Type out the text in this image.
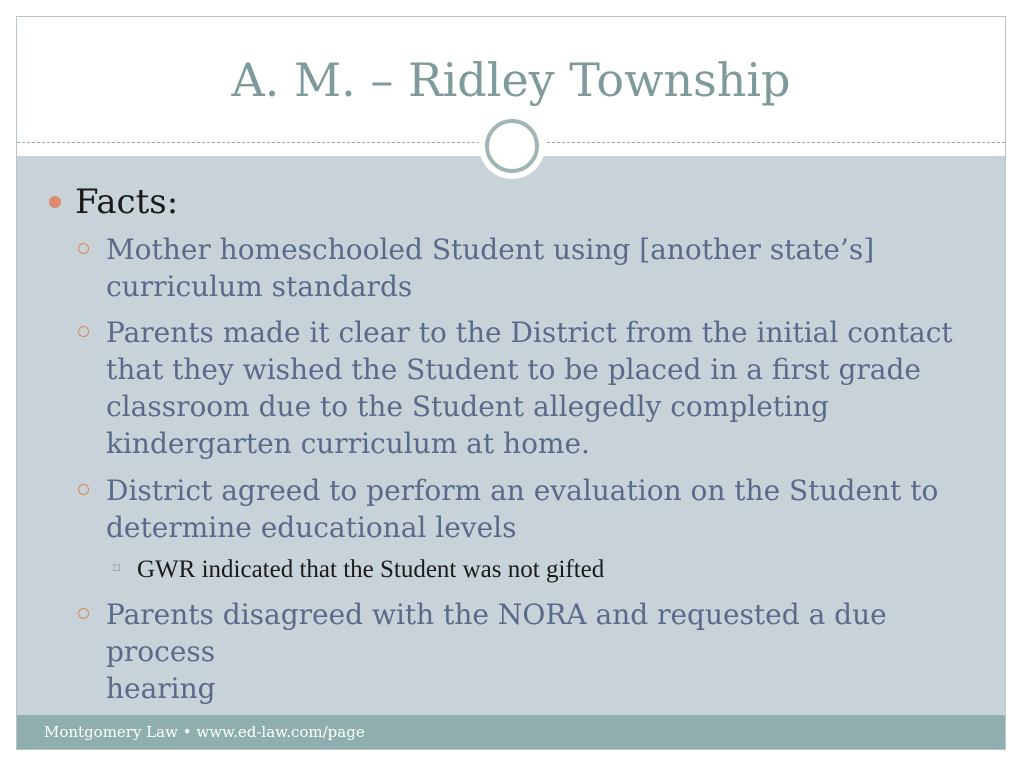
A. M. – Ridley Township
Facts:
Mother homeschooled Student using [another state’s]
curriculum standards
Parents made it clear to the District from the initial contact
that they wished the Student to be placed in a first grade
classroom due to the Student allegedly completing
kindergarten curriculum at home.
District agreed to perform an evaluation on the Student to
determine educational levels
⌑ GWR indicated that the Student was not gifted
Parents disagreed with the NORA and requested a due process
hearing
Montgomery Law • www.ed-law.com/page
